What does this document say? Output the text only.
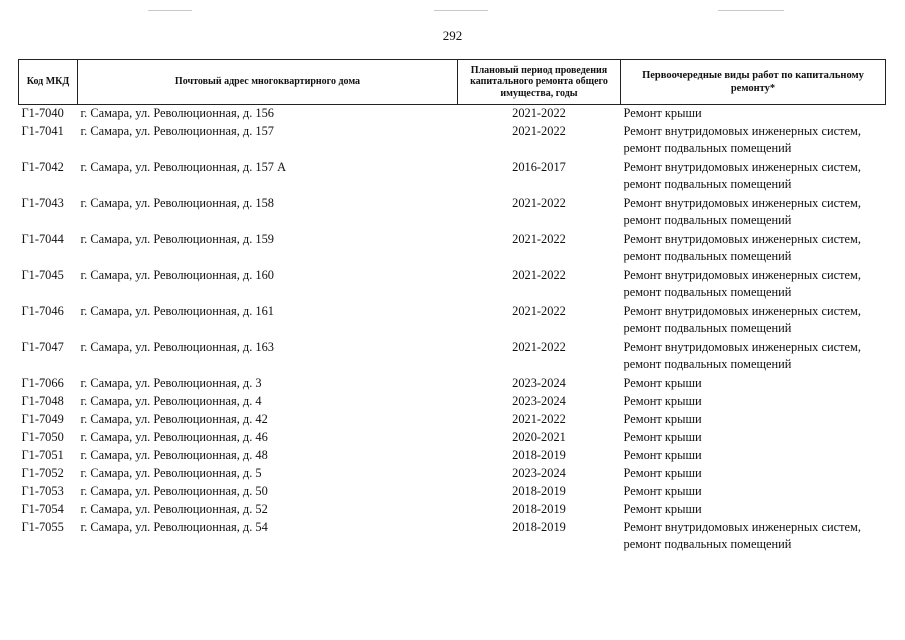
292
Код МКД	Почтовый адрес многоквартирного дома	Плановый период проведения капитального ремонта общего имущества, годы	Первоочередные виды работ по капитальному ремонту*
Г1-7040	г. Самара, ул. Революционная, д. 156	2021-2022	Ремонт крыши

Г1-7041	г. Самара, ул. Революционная, д. 157	2021-2022	Ремонт внутридомовых инженерных систем,
ремонт подвальных помещений

Г1-7042	г. Самара, ул. Революционная, д. 157 А	2016-2017	Ремонт внутридомовых инженерных систем,
ремонт подвальных помещений

Г1-7043	г. Самара, ул. Революционная, д. 158	2021-2022	Ремонт внутридомовых инженерных систем,
ремонт подвальных помещений

Г1-7044	г. Самара, ул. Революционная, д. 159	2021-2022	Ремонт внутридомовых инженерных систем,
ремонт подвальных помещений

Г1-7045	г. Самара, ул. Революционная, д. 160	2021-2022	Ремонт внутридомовых инженерных систем,
ремонт подвальных помещений

Г1-7046	г. Самара, ул. Революционная, д. 161	2021-2022	Ремонт внутридомовых инженерных систем,
ремонт подвальных помещений

Г1-7047	г. Самара, ул. Революционная, д. 163	2021-2022	Ремонт внутридомовых инженерных систем,
ремонт подвальных помещений

Г1-7066	г. Самара, ул. Революционная, д. 3	2023-2024	Ремонт крыши

Г1-7048	г. Самара, ул. Революционная, д. 4	2023-2024	Ремонт крыши

Г1-7049	г. Самара, ул. Революционная, д. 42	2021-2022	Ремонт крыши

Г1-7050	г. Самара, ул. Революционная, д. 46	2020-2021	Ремонт крыши

Г1-7051	г. Самара, ул. Революционная, д. 48	2018-2019	Ремонт крыши

Г1-7052	г. Самара, ул. Революционная, д. 5	2023-2024	Ремонт крыши

Г1-7053	г. Самара, ул. Революционная, д. 50	2018-2019	Ремонт крыши

Г1-7054	г. Самара, ул. Революционная, д. 52	2018-2019	Ремонт крыши

Г1-7055	г. Самара, ул. Революционная, д. 54	2018-2019	Ремонт внутридомовых инженерных систем,
ремонт подвальных помещений
